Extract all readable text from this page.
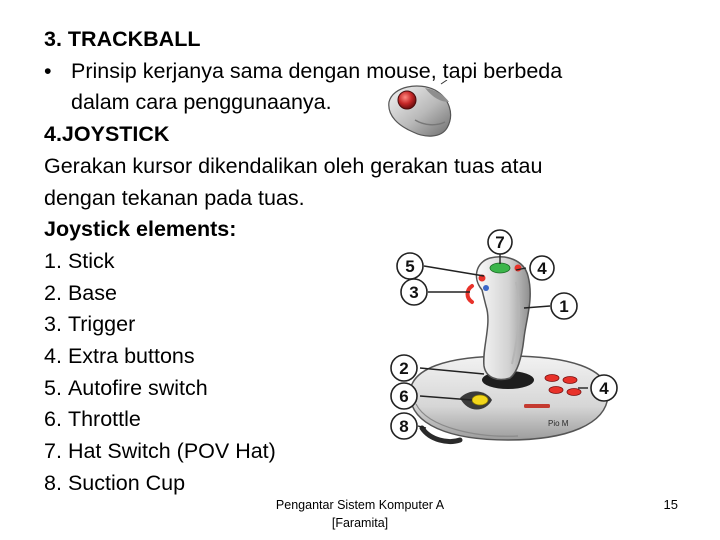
3. TRACKBALL
• Prinsip kerjanya sama dengan mouse, tapi berbeda
dalam cara penggunaanya.
4.JOYSTICK
Gerakan kursor dikendalikan oleh gerakan tuas atau
dengan tekanan pada tuas.
Joystick elements:
1. Stick
2. Base
3. Trigger
4. Extra buttons
5. Autofire switch
6. Throttle
7. Hat Switch (POV Hat)
8. Suction Cup
Pio M
7
5	4
3
1
2
6	4
8
Pengantar Sistem Komputer A
[Faramita]
15
